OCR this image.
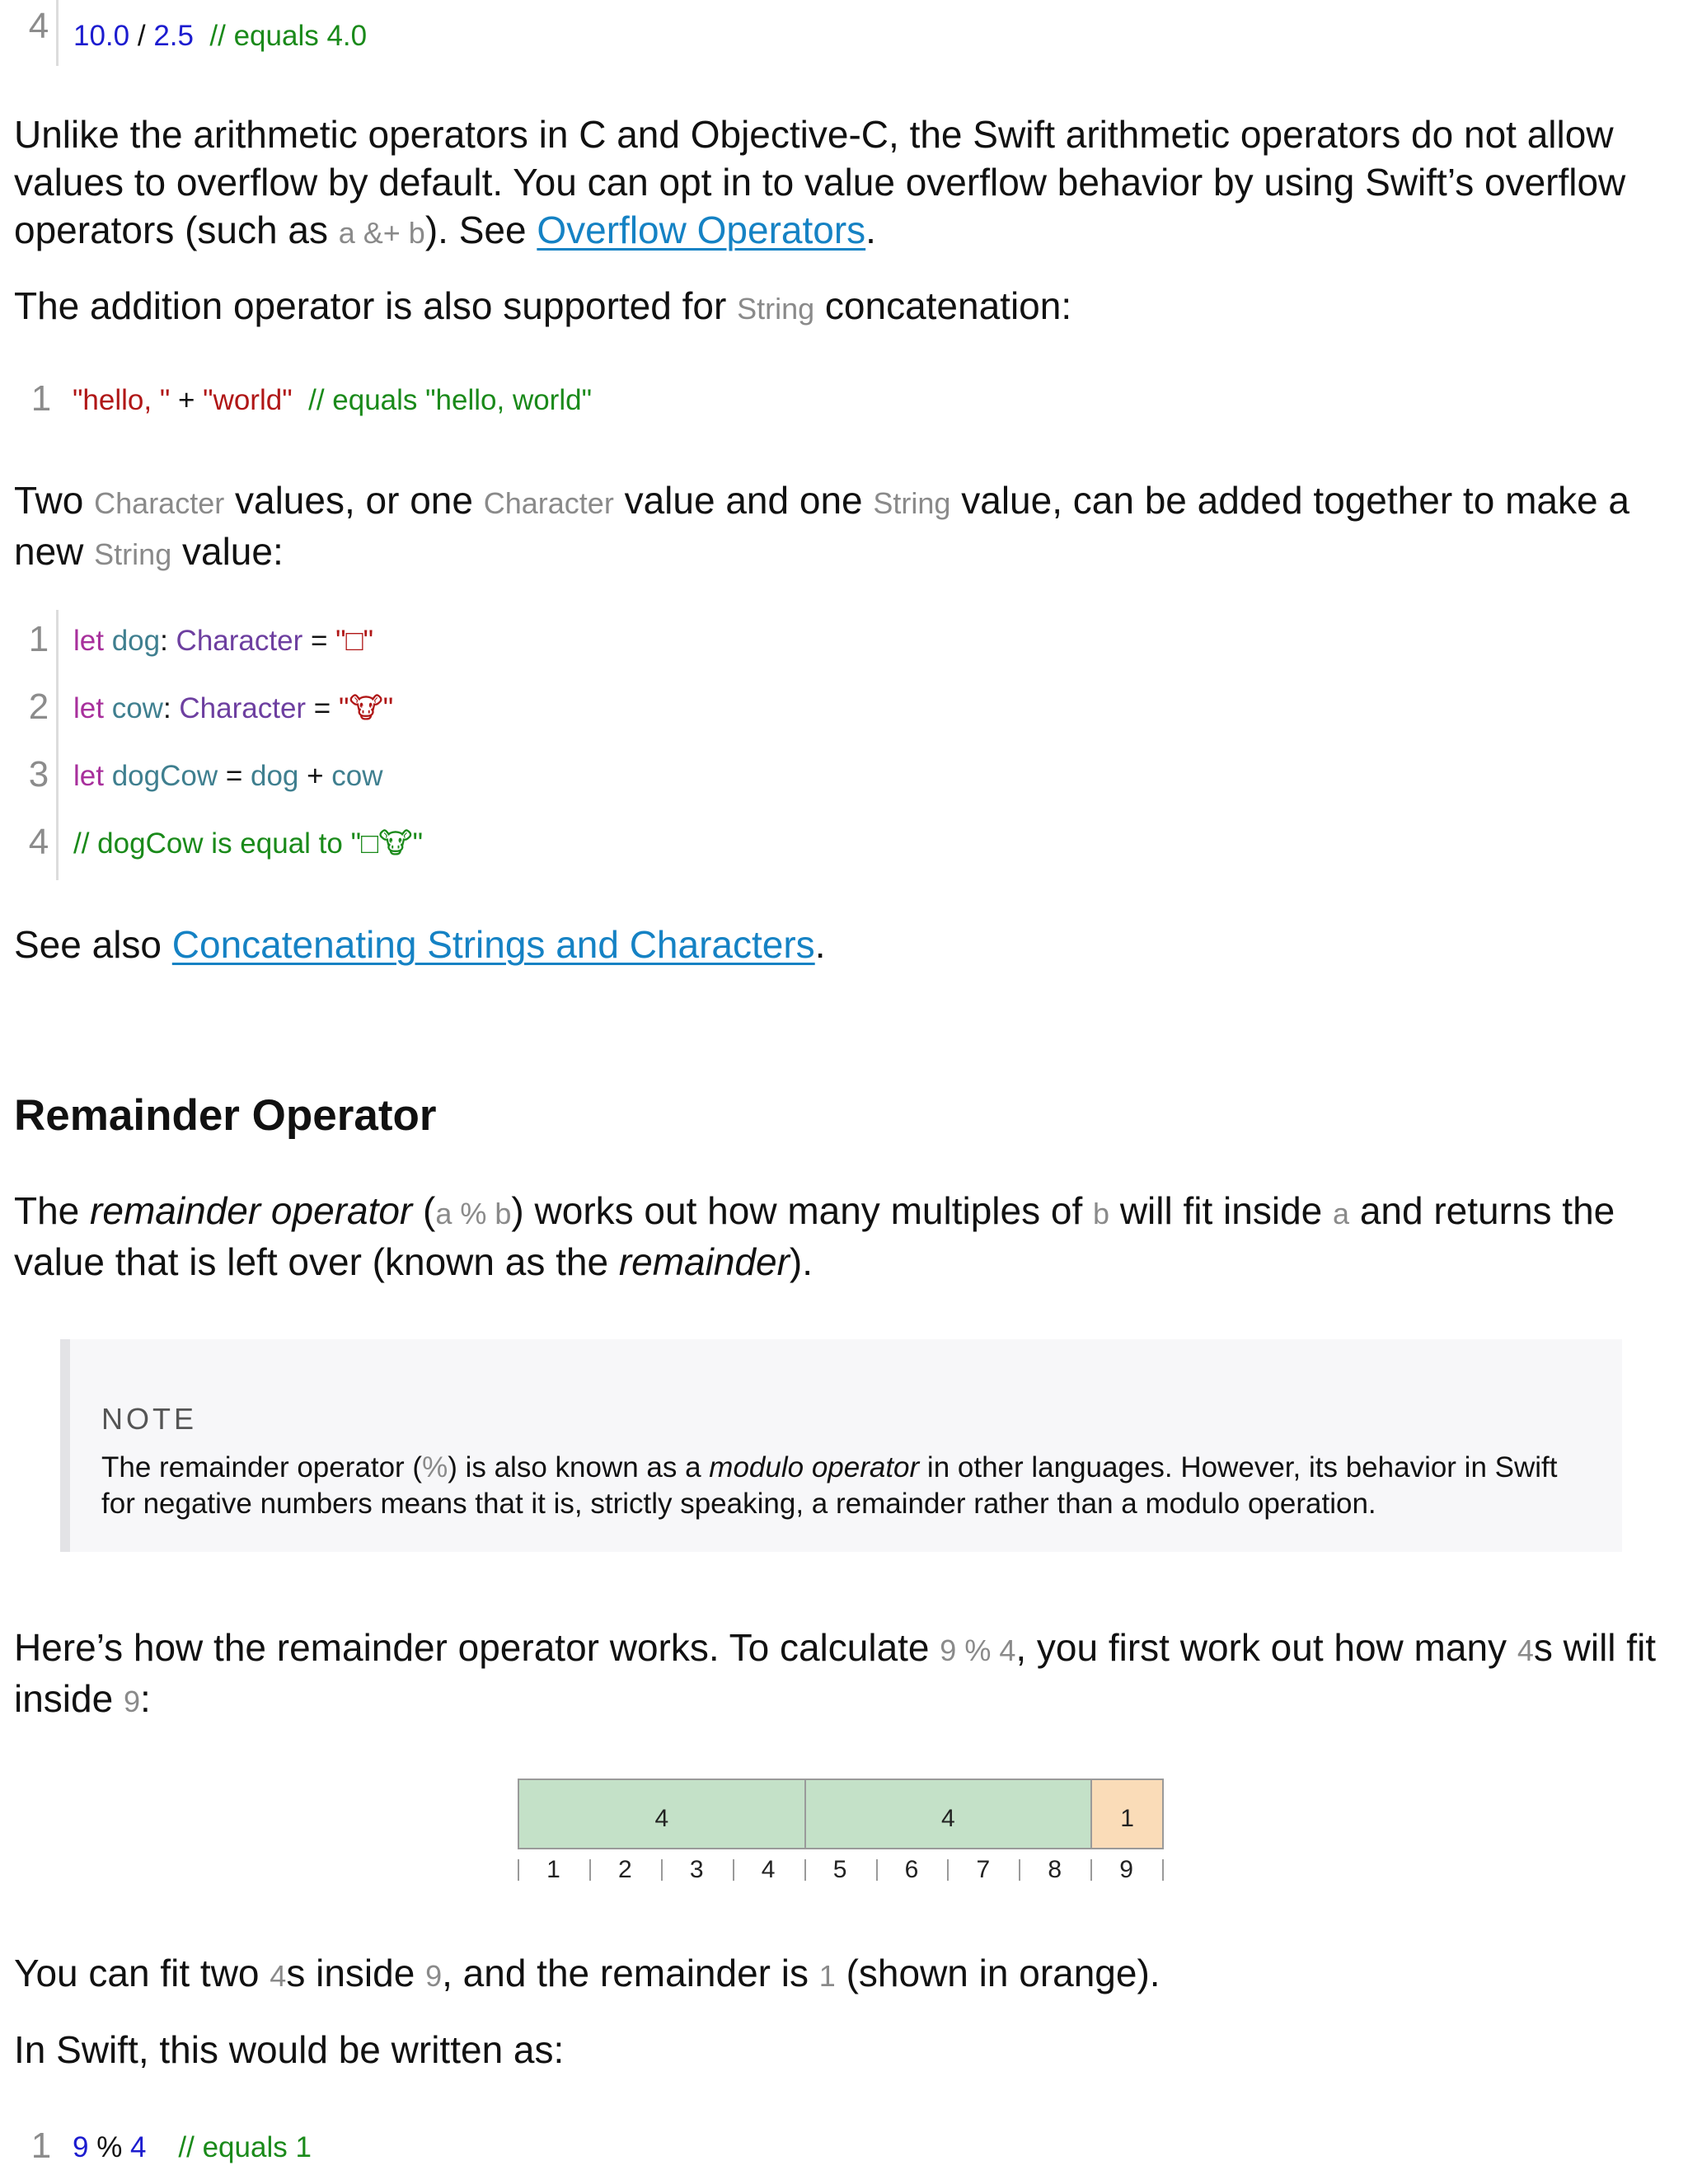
4 10.0 / 2.5  // equals 4.0

Unlike the arithmetic operators in C and Objective-C, the Swift arithmetic operators do not allow values to overflow by default. You can opt in to value overflow behavior by using Swift’s overflow operators (such as a &+ b). See Overflow Operators.

The addition operator is also supported for String concatenation:

1 "hello, " + "world"  // equals "hello, world"

Two Character values, or one Character value and one String value, can be added together to make a new String value:

1 let dog: Character = "□"
2 let cow: Character = "🐮"
3 let dogCow = dog + cow
4 // dogCow is equal to "□🐮"

See also Concatenating Strings and Characters.

Remainder Operator

The remainder operator (a % b) works out how many multiples of b will fit inside a and returns the value that is left over (known as the remainder).

NOTE
The remainder operator (%) is also known as a modulo operator in other languages. However, its behavior in Swift for negative numbers means that it is, strictly speaking, a remainder rather than a modulo operation.

Here’s how the remainder operator works. To calculate 9 % 4, you first work out how many 4s will fit inside 9:

4	4	1
1	2	3	4	5	6	7	8	9

You can fit two 4s inside 9, and the remainder is 1 (shown in orange).

In Swift, this would be written as:

1 9 % 4    // equals 1
